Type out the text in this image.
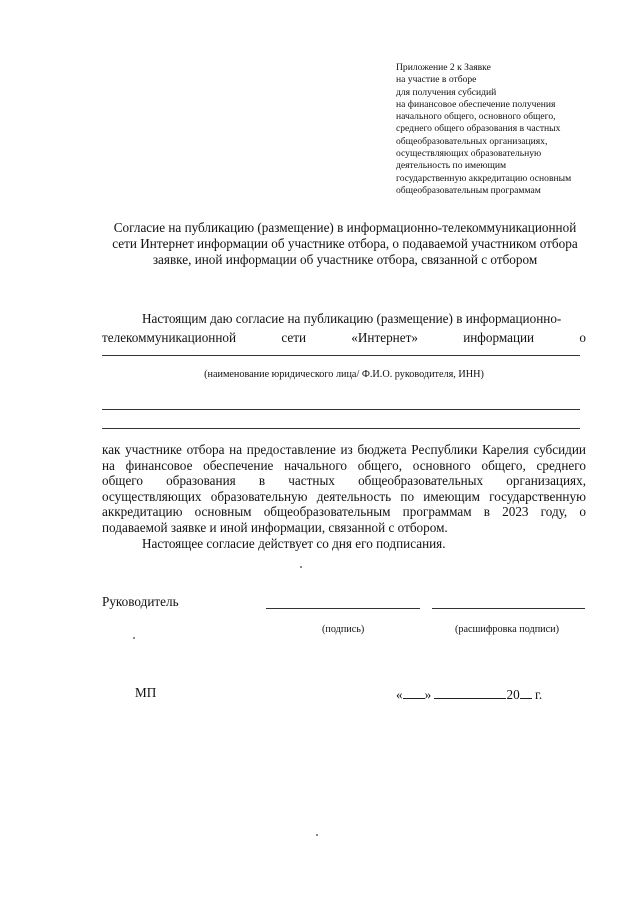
Приложение 2 к Заявке
на участие в отборе
для получения субсидий
на финансовое обеспечение получения
начального общего, основного общего,
среднего общего образования в частных
общеобразовательных организациях,
осуществляющих образовательную
деятельность по имеющим
государственную аккредитацию основным
общеобразовательным программам
Согласие на публикацию (размещение) в информационно-телекоммуникационной
сети Интернет информации об участнике отбора, о подаваемой участником отбора
заявке, иной информации об участнике отбора, связанной с отбором
Настоящим даю согласие на публикацию (размещение) в информационно-
телекоммуникационной	сети	«Интернет»	информации	о
(наименование юридического лица/ Ф.И.О. руководителя, ИНН)
как участнике отбора на предоставление из бюджета Республики Карелия субсидии
на финансовое обеспечение начального общего, основного общего, среднего
общего образования в частных общеобразовательных организациях,
осуществляющих образовательную деятельность по имеющим государственную
аккредитацию основным общеобразовательным программам в 2023 году, о
подаваемой заявке и иной информации, связанной с отбором.
Настоящее согласие действует со дня его подписания.
Руководитель
(подпись)	(расшифровка подписи)
МП	« »	20 г.
